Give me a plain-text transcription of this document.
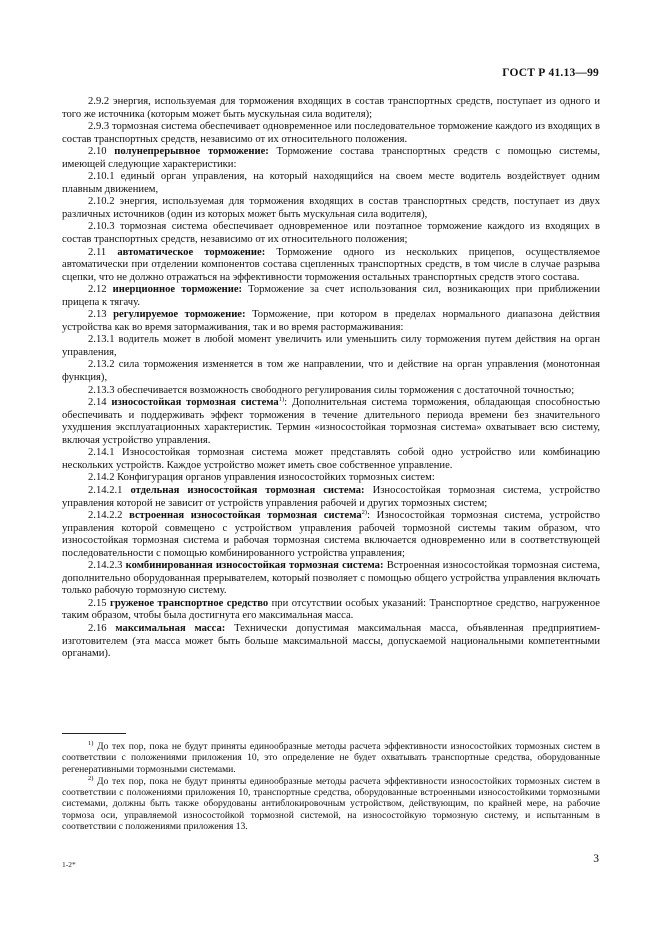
ГОСТ Р 41.13—99

2.9.2 энергия, используемая для торможения входящих в состав транспортных средств, поступает из одного и того же источника (которым может быть мускульная сила водителя);

2.9.3 тормозная система обеспечивает одновременное или последовательное торможение каждого из входящих в состав транспортных средств, независимо от их относительного положения.

2.10 полунепрерывное торможение: Торможение состава транспортных средств с помощью системы, имеющей следующие характеристики:

2.10.1 единый орган управления, на который находящийся на своем месте водитель воздействует одним плавным движением,

2.10.2 энергия, используемая для торможения входящих в состав транспортных средств, поступает из двух различных источников (один из которых может быть мускульная сила водителя),

2.10.3 тормозная система обеспечивает одновременное или поэтапное торможение каждого из входящих в состав транспортных средств, независимо от их относительного положения;

2.11 автоматическое торможение: Торможение одного из нескольких прицепов, осуществляемое автоматически при отделении компонентов состава сцепленных транспортных средств, в том числе в случае разрыва сцепки, что не должно отражаться на эффективности торможения остальных транспортных средств этого состава.

2.12 инерционное торможение: Торможение за счет использования сил, возникающих при приближении прицепа к тягачу.

2.13 регулируемое торможение: Торможение, при котором в пределах нормального диапазона действия устройства как во время затормаживания, так и во время растормаживания:

2.13.1 водитель может в любой момент увеличить или уменьшить силу торможения путем действия на орган управления,

2.13.2 сила торможения изменяется в том же направлении, что и действие на орган управления (монотонная функция),

2.13.3 обеспечивается возможность свободного регулирования силы торможения с достаточной точностью;

2.14 износостойкая тормозная система$^{1)}$: Дополнительная система торможения, обладающая способностью обеспечивать и поддерживать эффект торможения в течение длительного периода времени без значительного ухудшения эксплуатационных характеристик. Термин «износостойкая тормозная система» охватывает всю систему, включая устройство управления.

2.14.1 Износостойкая тормозная система может представлять собой одно устройство или комбинацию нескольких устройств. Каждое устройство может иметь свое собственное управление.

2.14.2 Конфигурация органов управления износостойких тормозных систем:

2.14.2.1 отдельная износостойкая тормозная система: Износостойкая тормозная система, устройство управления которой не зависит от устройств управления рабочей и других тормозных систем;

2.14.2.2 встроенная износостойкая тормозная система$^{2)}$: Износостойкая тормозная система, устройство управления которой совмещено с устройством управления рабочей тормозной системы таким образом, что износостойкая тормозная система и рабочая тормозная система включается одновременно или в соответствующей последовательности с помощью комбинированного устройства управления;

2.14.2.3 комбинированная износостойкая тормозная система: Встроенная износостойкая тормозная система, дополнительно оборудованная прерывателем, который позволяет с помощью общего устройства управления включать только рабочую тормозную систему.

2.15 груженое транспортное средство при отсутствии особых указаний: Транспортное средство, нагруженное таким образом, чтобы была достигнута его максимальная масса.

2.16 максимальная масса: Технически допустимая максимальная масса, объявленная предприятием-изготовителем (эта масса может быть больше максимальной массы, допускаемой национальными компетентными органами).

$^{1)}$ До тех пор, пока не будут приняты единообразные методы расчета эффективности износостойких тормозных систем в соответствии с положениями приложения 10, это определение не будет охватывать транспортные средства, оборудованные регенеративными тормозными системами.

$^{2)}$ До тех пор, пока не будут приняты единообразные методы расчета эффективности износостойких тормозных систем в соответствии с положениями приложения 10, транспортные средства, оборудованные встроенными износостойкими тормозными системами, должны быть также оборудованы антиблокировочным устройством, действующим, по крайней мере, на рабочие тормоза оси, управляемой износостойкой тормозной системой, на износостойкую тормозную систему, и испытанным в соответствии с положениями приложения 13.

1-2*	3
